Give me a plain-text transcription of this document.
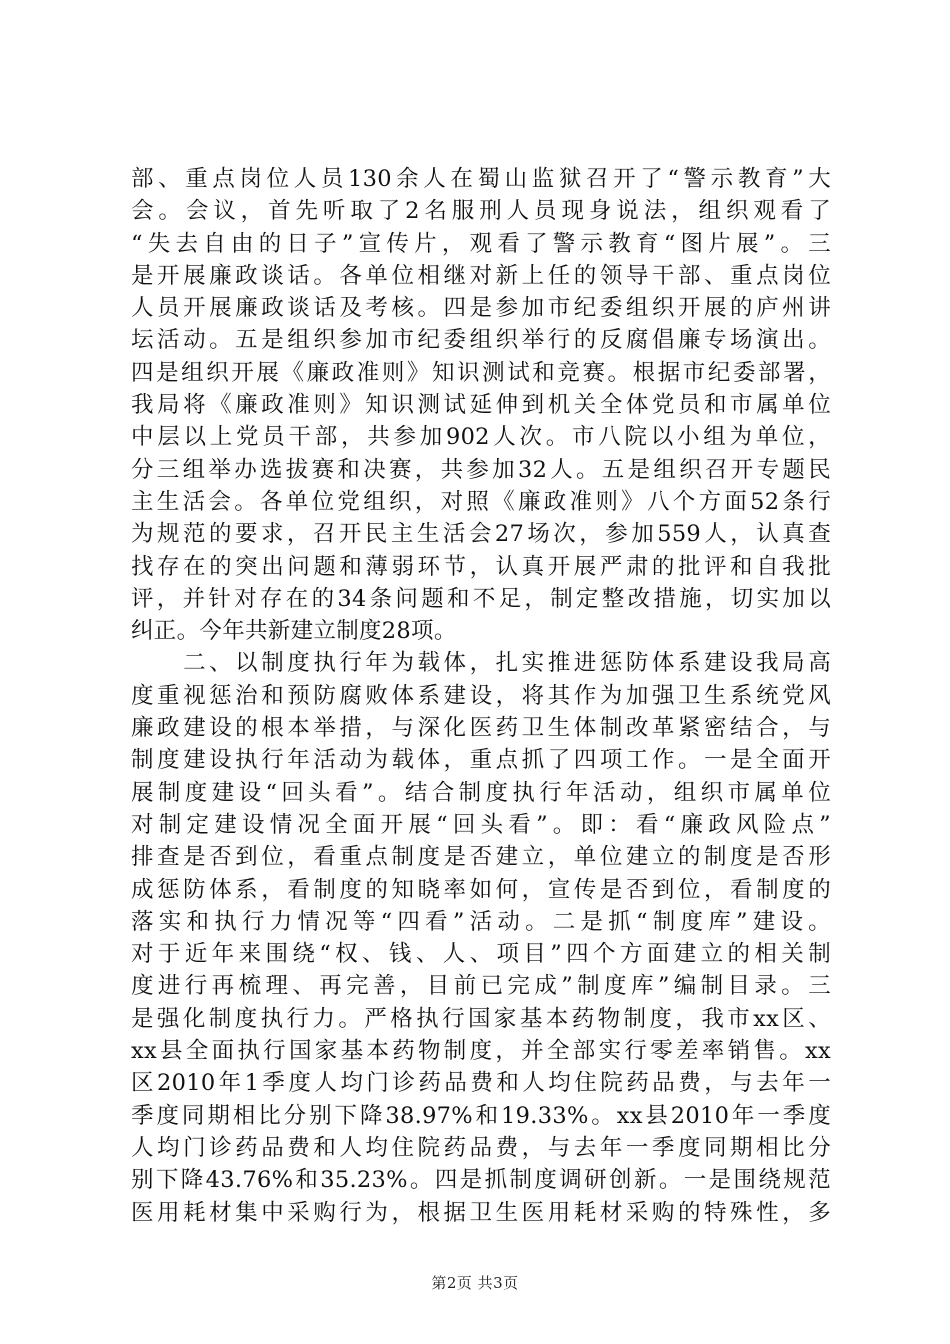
部、重点岗位人员130余人在蜀山监狱召开了“警示教育”大
会。会议，首先听取了2名服刑人员现身说法，组织观看了
“失去自由的日子”宣传片，观看了警示教育“图片展”。三
是开展廉政谈话。各单位相继对新上任的领导干部、重点岗位
人员开展廉政谈话及考核。四是参加市纪委组织开展的庐州讲
坛活动。五是组织参加市纪委组织举行的反腐倡廉专场演出。
四是组织开展《廉政准则》知识测试和竞赛。根据市纪委部署，
我局将《廉政准则》知识测试延伸到机关全体党员和市属单位
中层以上党员干部，共参加902人次。市八院以小组为单位，
分三组举办选拔赛和决赛，共参加32人。五是组织召开专题民
主生活会。各单位党组织，对照《廉政准则》八个方面52条行
为规范的要求，召开民主生活会27场次，参加559人，认真查
找存在的突出问题和薄弱环节，认真开展严肃的批评和自我批
评，并针对存在的34条问题和不足，制定整改措施，切实加以
纠正。今年共新建立制度28项。
　　二、以制度执行年为载体，扎实推进惩防体系建设我局高
度重视惩治和预防腐败体系建设，将其作为加强卫生系统党风
廉政建设的根本举措，与深化医药卫生体制改革紧密结合，与
制度建设执行年活动为载体，重点抓了四项工作。一是全面开
展制度建设“回头看”。结合制度执行年活动，组织市属单位
对制定建设情况全面开展“回头看”。即：看“廉政风险点”
排查是否到位，看重点制度是否建立，单位建立的制度是否形
成惩防体系，看制度的知晓率如何，宣传是否到位，看制度的
落实和执行力情况等“四看”活动。二是抓“制度库”建设。
对于近年来围绕“权、钱、人、项目”四个方面建立的相关制
度进行再梳理、再完善，目前已完成”制度库”编制目录。三
是强化制度执行力。严格执行国家基本药物制度，我市xx区、
xx县全面执行国家基本药物制度，并全部实行零差率销售。xx
区2010年1季度人均门诊药品费和人均住院药品费，与去年一
季度同期相比分别下降38.97%和19.33%。xx县2010年一季度
人均门诊药品费和人均住院药品费，与去年一季度同期相比分
别下降43.76%和35.23%。四是抓制度调研创新。一是围绕规范
医用耗材集中采购行为，根据卫生医用耗材采购的特殊性，多
第2页 共3页
